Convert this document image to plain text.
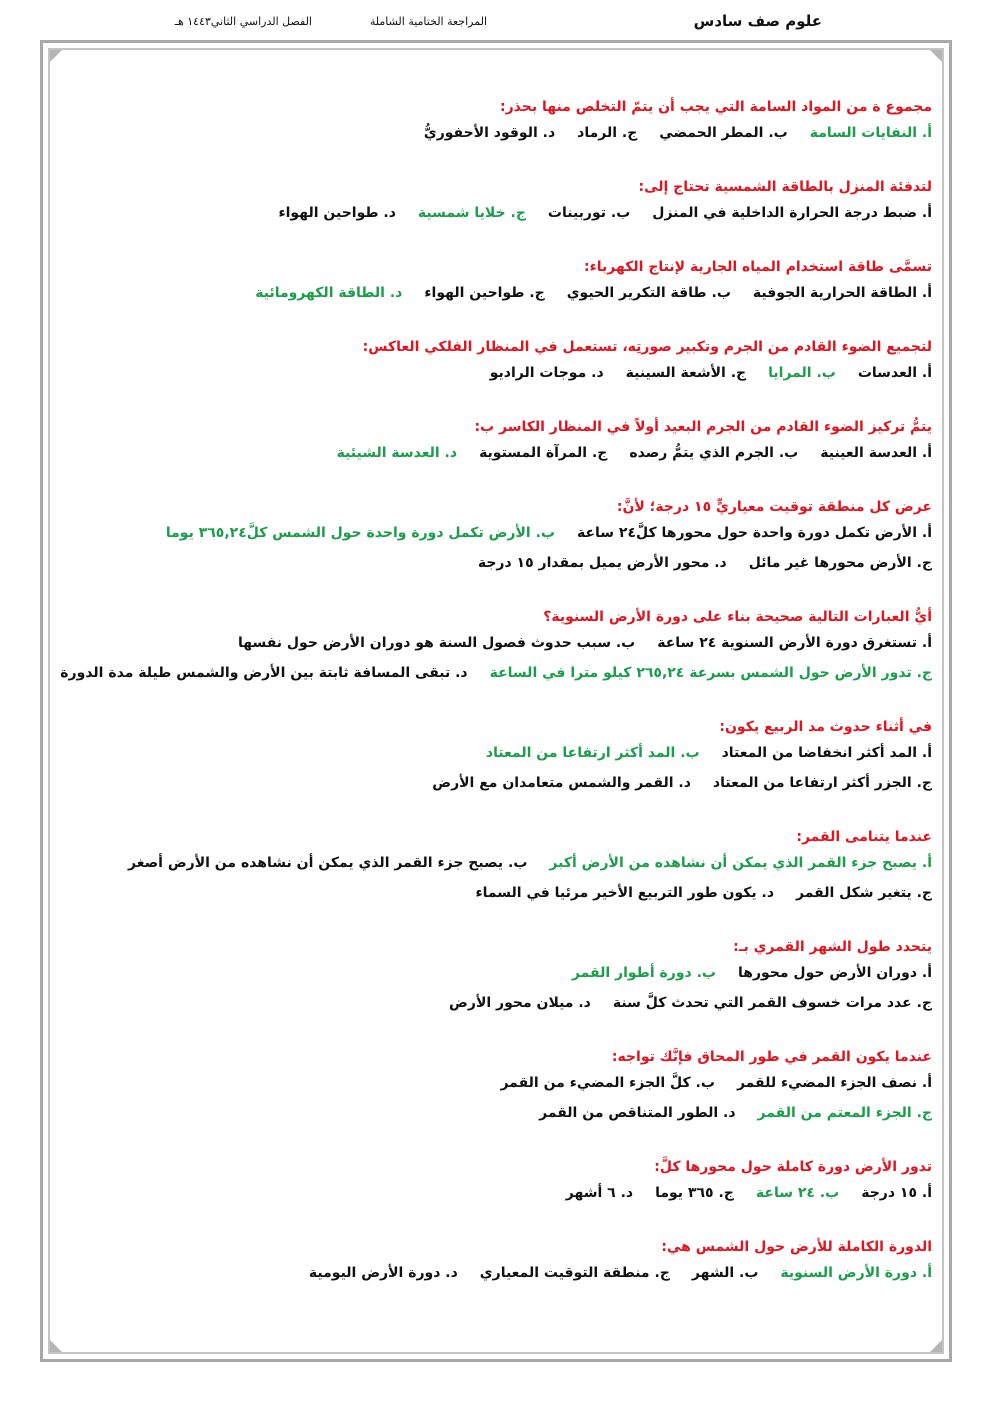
علوم صف سادس
المراجعة الختامية الشاملة
الفصل الدراسي الثاني١٤٤٣ هـ
مجموع ة من المواد السامة التي يجب أن يتمّ التخلص منها بحذر:
أ. النفايات السامةب. المطر الحمضيج. الرمادد. الوقود الأحفوريُّ
لتدفئة المنزل بالطاقة الشمسية تحتاج إلى:
أ. ضبط درجة الحرارة الداخلية في المنزلب. توربيناتج. خلايا شمسيةد. طواحين الهواء
تسمَّى طاقة استخدام المياه الجارية لإنتاج الكهرباء:
أ. الطاقة الحرارية الجوفيةب. طاقة التكرير الحيويج. طواحين الهواءد. الطاقة الكهرومائية
لتجميع الضوء القادم من الجرم وتكبير صورتِه، تستعمل في المنظار الفلكي العاكس:
أ. العدساتب. المراياج. الأشعة السينيةد. موجات الراديو
يتمُّ تركيز الضوء القادم من الجرم البعيد أولاً في المنظار الكاسر ب:
أ. العدسة العينيةب. الجرم الذي يتمُّ رصدهج. المرآة المستويةد. العدسة الشيئية
عرض كل منطقة توقيت معياريٍّ ١٥ درجة؛ لأنَّ:
أ. الأرض تكمل دورة واحدة حول محورها كلَّ٢٤ ساعةب. الأرض تكمل دورة واحدة حول الشمس كلَّ٣٦٥,٢٤ يوما
ج. الأرض محورها غير مائلد. محور الأرض يميل بمقدار ١٥ درجة
أيُّ العبارات التالية صحيحة بناء على دورة الأرض السنوية؟
أ. تستغرق دورة الأرض السنوية ٢٤ ساعةب. سبب حدوث فصول السنة هو دوران الأرض حول نفسها
ج. تدور الأرض حول الشمس بسرعة ٢٦٥,٢٤ كيلو مترا في الساعةد. تبقى المسافة ثابتة بين الأرض والشمس طيلة مدة الدورة
في أثناء حدوث مد الربيع يكون:
أ. المد أكثر انخفاضا من المعتادب. المد أكثر ارتفاعا من المعتاد
ج. الجزر أكثر ارتفاعا من المعتادد. القمر والشمس متعامدان مع الأرض
عندما يتنامى القمر:
أ. يصبح جزء القمر الذي يمكن أن نشاهده من الأرض أكبرب. يصبح جزء القمر الذي يمكن أن نشاهده من الأرض أصغر
ج. يتغير شكل القمرد. يكون طور التربيع الأخير مرئيا في السماء
يتحدد طول الشهر القمري بـ:
أ. دوران الأرض حول محورهاب. دورة أطوار القمر
ج. عدد مرات خسوف القمر التي تحدث كلَّ سنةد. ميلان محور الأرض
عندما يكون القمر في طور المحاق فإنَّك تواجه:
أ. نصف الجزء المضيء للقمرب. كلَّ الجزء المضيء من القمر
ج. الجزء المعتم من القمرد. الطور المتناقص من القمر
تدور الأرض دورة كاملة حول محورها كلَّ:
أ. ١٥ درجةب. ٢٤ ساعةج. ٣٦٥ يوماد. ٦ أشهر
الدورة الكاملة للأرض حول الشمس هي:
أ. دورة الأرض السنويةب. الشهرج. منطقة التوقيت المعياريد. دورة الأرض اليومية
